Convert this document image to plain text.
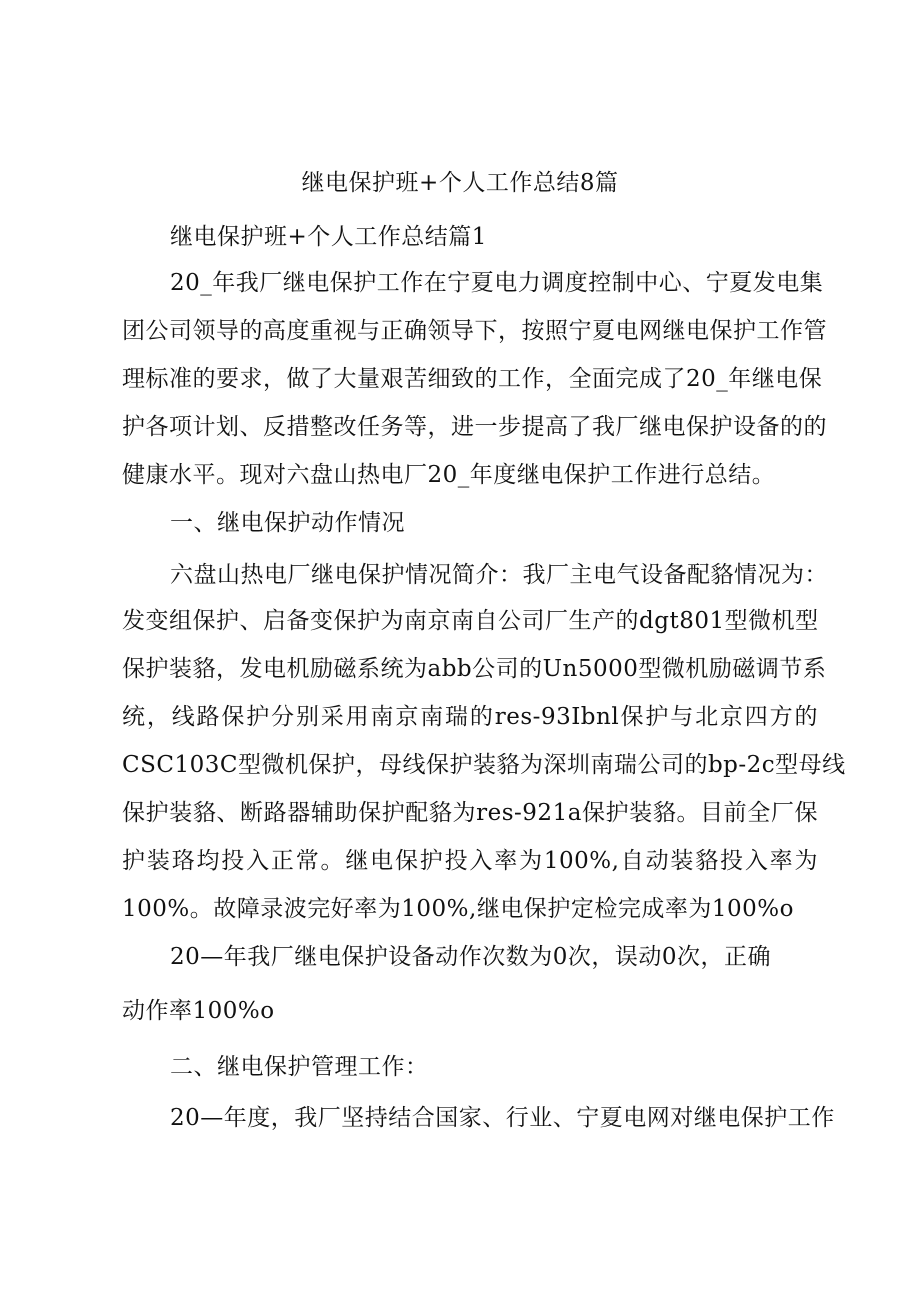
继电保护班+个人工作总结8篇
继电保护班+个人工作总结篇1
20_年我厂继电保护工作在宁夏电力调度控制中心、宁夏发电集
团公司领导的高度重视与正确领导下，按照宁夏电网继电保护工作管
理标准的要求，做了大量艰苦细致的工作，全面完成了20_年继电保
护各项计划、反措整改任务等，进一步提高了我厂继电保护设备的的
健康水平。现对六盘山热电厂20_年度继电保护工作进行总结。
一、继电保护动作情况
六盘山热电厂继电保护情况简介：我厂主电气设备配貉情况为：
发变组保护、启备变保护为南京南自公司厂生产的dgt801型微机型
保护装貉，发电机励磁系统为abb公司的Un5000型微机励磁调节系
统，线路保护分别采用南京南瑞的res-93Ibnl保护与北京四方的
CSC103C型微机保护，母线保护装貉为深圳南瑞公司的bp-2c型母线
保护装貉、断路器辅助保护配貉为res-921a保护装貉。目前全厂保
护装珞均投入正常。继电保护投入率为100%,自动装貉投入率为
100%。故障录波完好率为100%,继电保护定检完成率为100%o
20—年我厂继电保护设备动作次数为0次，误动0次，正确
动作率100%o
二、继电保护管理工作：
20—年度，我厂坚持结合国家、行业、宁夏电网对继电保护工作
